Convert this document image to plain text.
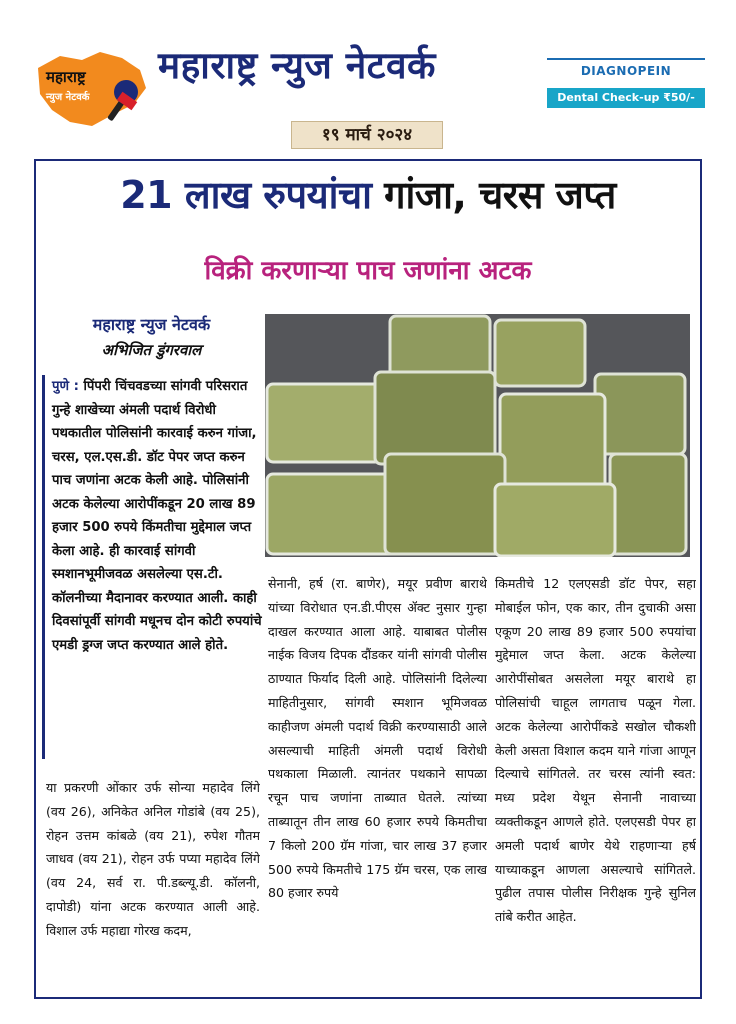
महाराष्ट्र
न्युज नेटवर्क
महाराष्ट्र न्युज नेटवर्क	DIAGNOPEIN
Dental Check-up ₹50/-
१९ मार्च २०२४
21 लाख रुपयांचा गांजा, चरस जप्त
विक्री करणाऱ्या पाच जणांना अटक
महाराष्ट्र न्युज नेटवर्क
अभिजित डुंगरवाल
पुणे : पिंपरी चिंचवडच्या सांगवी परिसरात गुन्हे शाखेच्या अंमली पदार्थ विरोधी पथकातील पोलिसांनी कारवाई करुन गांजा, चरस, एल.एस.डी. डॉट पेपर जप्त करुन पाच जणांना अटक केली आहे. पोलिसांनी अटक केलेल्या आरोपींकडून 20 लाख 89 हजार 500 रुपये किंमतीचा मुद्देमाल जप्त केला आहे. ही कारवाई सांगवी स्मशानभूमीजवळ असलेल्या एस.टी. कॉलनीच्या मैदानावर करण्यात आली. काही दिवसांपूर्वी सांगवी मधूनच दोन कोटी रुपयांचे एमडी ड्रग्ज जप्त करण्यात आले होते.
या प्रकरणी ओंकार उर्फ सोन्या महादेव लिंगे (वय 26), अनिकेत अनिल गोडांबे (वय 25), रोहन उत्तम कांबळे (वय 21), रुपेश गौतम जाधव (वय 21), रोहन उर्फ पप्या महादेव लिंगे (वय 24, सर्व रा. पी.डब्ल्यू.डी. कॉलनी, दापोडी) यांना अटक करण्यात आली आहे. विशाल उर्फ महाद्या गोरख कदम,
सेनानी, हर्ष (रा. बाणेर), मयूर प्रवीण बाराथे यांच्या विरोधात एन.डी.पीएस ॲक्ट नुसार गुन्हा दाखल करण्यात आला आहे. याबाबत पोलीस नाईक विजय दिपक दौंडकर यांनी सांगवी पोलीस ठाण्यात फिर्याद दिली आहे. पोलिसांनी दिलेल्या माहितीनुसार, सांगवी स्मशान भूमिजवळ काहीजण अंमली पदार्थ विक्री करण्यासाठी आले असल्याची माहिती अंमली पदार्थ विरोधी पथकाला मिळाली. त्यानंतर पथकाने सापळा रचून पाच जणांना ताब्यात घेतले. त्यांच्या ताब्यातून तीन लाख 60 हजार रुपये किमतीचा 7 किलो 200 ग्रॅम गांजा, चार लाख 37 हजार 500 रुपये किमतीचे 175 ग्रॅम चरस, एक लाख 80 हजार रुपये
किमतीचे 12 एलएसडी डॉट पेपर, सहा मोबाईल फोन, एक कार, तीन दुचाकी असा एकूण 20 लाख 89 हजार 500 रुपयांचा मुद्देमाल जप्त केला. अटक केलेल्या आरोपींसोबत असलेला मयूर बाराथे हा पोलिसांची चाहूल लागताच पळून गेला. अटक केलेल्या आरोपींकडे सखोल चौकशी केली असता विशाल कदम याने गांजा आणून दिल्याचे सांगितले. तर चरस त्यांनी स्वत: मध्य प्रदेश येथून सेनानी नावाच्या व्यक्तीकडून आणले होते. एलएसडी पेपर हा अमली पदार्थ बाणेर येथे राहणाऱ्या हर्ष याच्याकडून आणला असल्याचे सांगितले. पुढील तपास पोलीस निरीक्षक गुन्हे सुनिल तांबे करीत आहेत.
